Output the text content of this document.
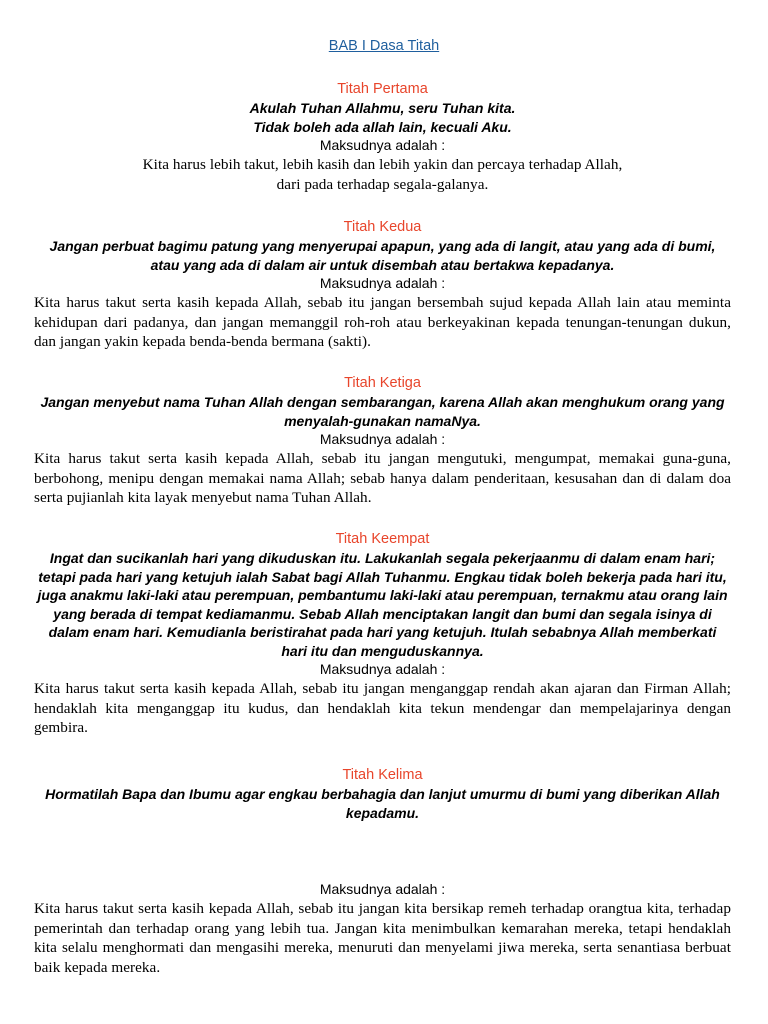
BAB I Dasa Titah
Titah Pertama
Akulah Tuhan Allahmu, seru Tuhan kita.
Tidak boleh ada allah lain, kecuali Aku.
Maksudnya adalah :
Kita harus lebih takut, lebih kasih dan lebih yakin dan percaya terhadap Allah,
dari pada terhadap segala-galanya.
Titah Kedua
Jangan perbuat bagimu patung yang menyerupai apapun, yang ada di langit, atau yang ada di bumi, atau yang ada di dalam air untuk disembah atau bertakwa kepadanya.
Maksudnya adalah :
Kita harus takut serta kasih kepada Allah, sebab itu jangan bersembah sujud kepada Allah lain atau meminta kehidupan dari padanya, dan jangan memanggil roh-roh atau berkeyakinan kepada tenungan-tenungan dukun, dan jangan yakin kepada benda-benda bermana (sakti).
Titah Ketiga
Jangan menyebut nama Tuhan Allah dengan sembarangan, karena Allah akan menghukum orang yang menyalah-gunakan namaNya.
Maksudnya adalah :
Kita harus takut serta kasih kepada Allah, sebab itu jangan mengutuki, mengumpat, memakai guna-guna, berbohong, menipu dengan memakai nama Allah; sebab hanya dalam penderitaan, kesusahan dan di dalam doa serta pujianlah kita layak menyebut nama Tuhan Allah.
Titah Keempat
Ingat dan sucikanlah hari yang dikuduskan itu. Lakukanlah segala pekerjaanmu di dalam enam hari; tetapi pada hari yang ketujuh ialah Sabat bagi Allah Tuhanmu. Engkau tidak boleh bekerja pada hari itu, juga anakmu laki-laki atau perempuan, pembantumu laki-laki atau perempuan, ternakmu atau orang lain yang berada di tempat kediamanmu. Sebab Allah menciptakan langit dan bumi dan segala isinya di dalam enam hari. Kemudianla beristirahat pada hari yang ketujuh. Itulah sebabnya Allah memberkati hari itu dan menguduskannya.
Maksudnya adalah :
Kita harus takut serta kasih kepada Allah, sebab itu jangan menganggap rendah akan ajaran dan Firman Allah; hendaklah kita menganggap itu kudus, dan hendaklah kita tekun mendengar dan mempelajarinya dengan gembira.
Titah Kelima
Hormatilah Bapa dan Ibumu agar engkau berbahagia dan lanjut umurmu di bumi yang diberikan Allah kepadamu.
Maksudnya adalah :
Kita harus takut serta kasih kepada Allah, sebab itu jangan kita bersikap remeh terhadap orangtua kita, terhadap pemerintah dan terhadap orang yang lebih tua. Jangan kita menimbulkan kemarahan mereka, tetapi hendaklah kita selalu menghormati dan mengasihi mereka, menuruti dan menyelami jiwa mereka, serta senantiasa berbuat baik kepada mereka.
